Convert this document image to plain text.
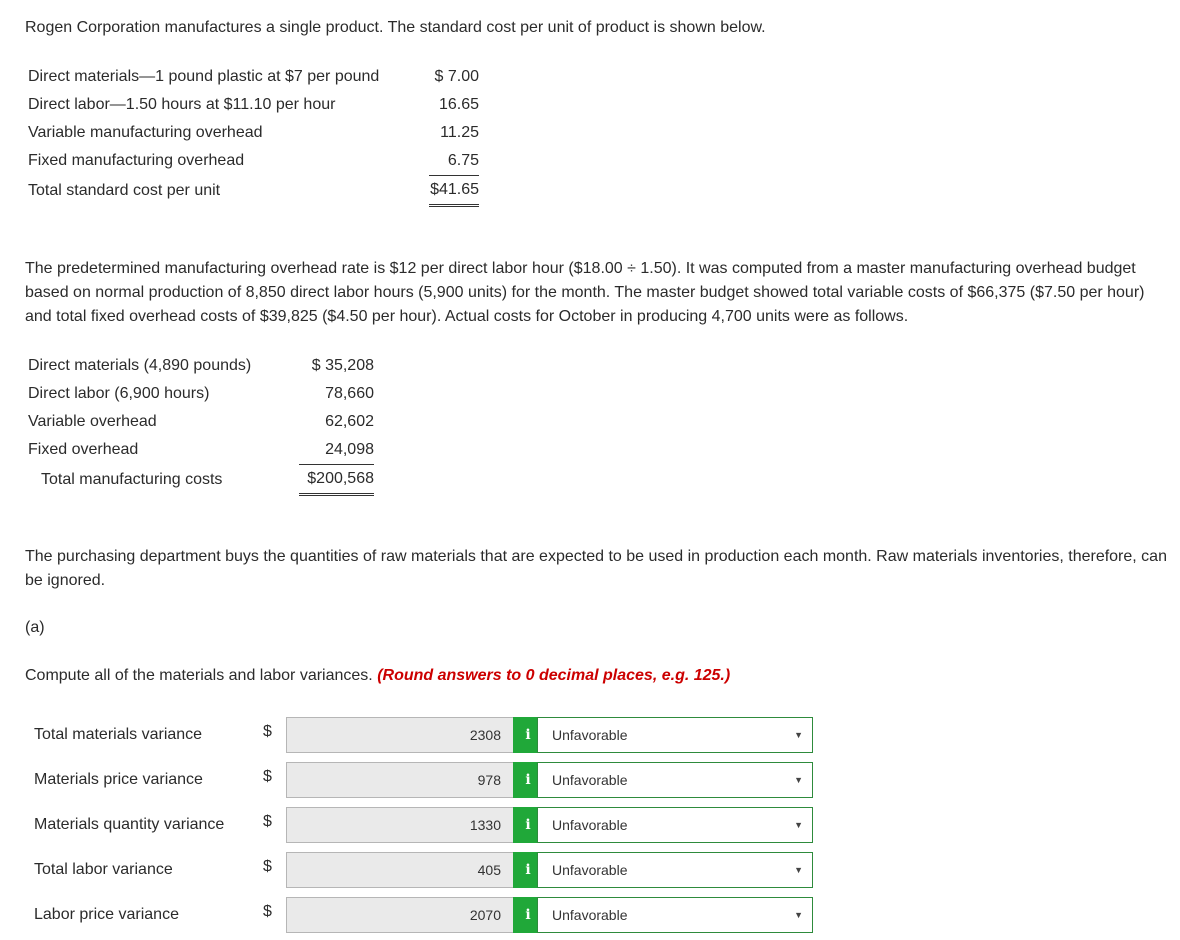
Rogen Corporation manufactures a single product. The standard cost per unit of product is shown below.

Direct materials—1 pound plastic at $7 per pound	$ 7.00
Direct labor—1.50 hours at $11.10 per hour	16.65
Variable manufacturing overhead	11.25
Fixed manufacturing overhead	6.75
Total standard cost per unit	$41.65

The predetermined manufacturing overhead rate is $12 per direct labor hour ($18.00 ÷ 1.50). It was computed from a master manufacturing overhead budget based on normal production of 8,850 direct labor hours (5,900 units) for the month. The master budget showed total variable costs of $66,375 ($7.50 per hour) and total fixed overhead costs of $39,825 ($4.50 per hour). Actual costs for October in producing 4,700 units were as follows.

Direct materials (4,890 pounds)	$ 35,208
Direct labor (6,900 hours)	78,660
Variable overhead	62,602
Fixed overhead	24,098
Total manufacturing costs	$200,568

The purchasing department buys the quantities of raw materials that are expected to be used in production each month. Raw materials inventories, therefore, can be ignored.

(a)

Compute all of the materials and labor variances. (Round answers to 0 decimal places, e.g. 125.)

Total materials variance	$	2308	i	Unfavorable	▼
Materials price variance	$	978	i	Unfavorable	▼
Materials quantity variance $	1330	i	Unfavorable	▼
Total labor variance	$	405	i	Unfavorable	▼
Labor price variance	$	2070	i	Unfavorable	▼
